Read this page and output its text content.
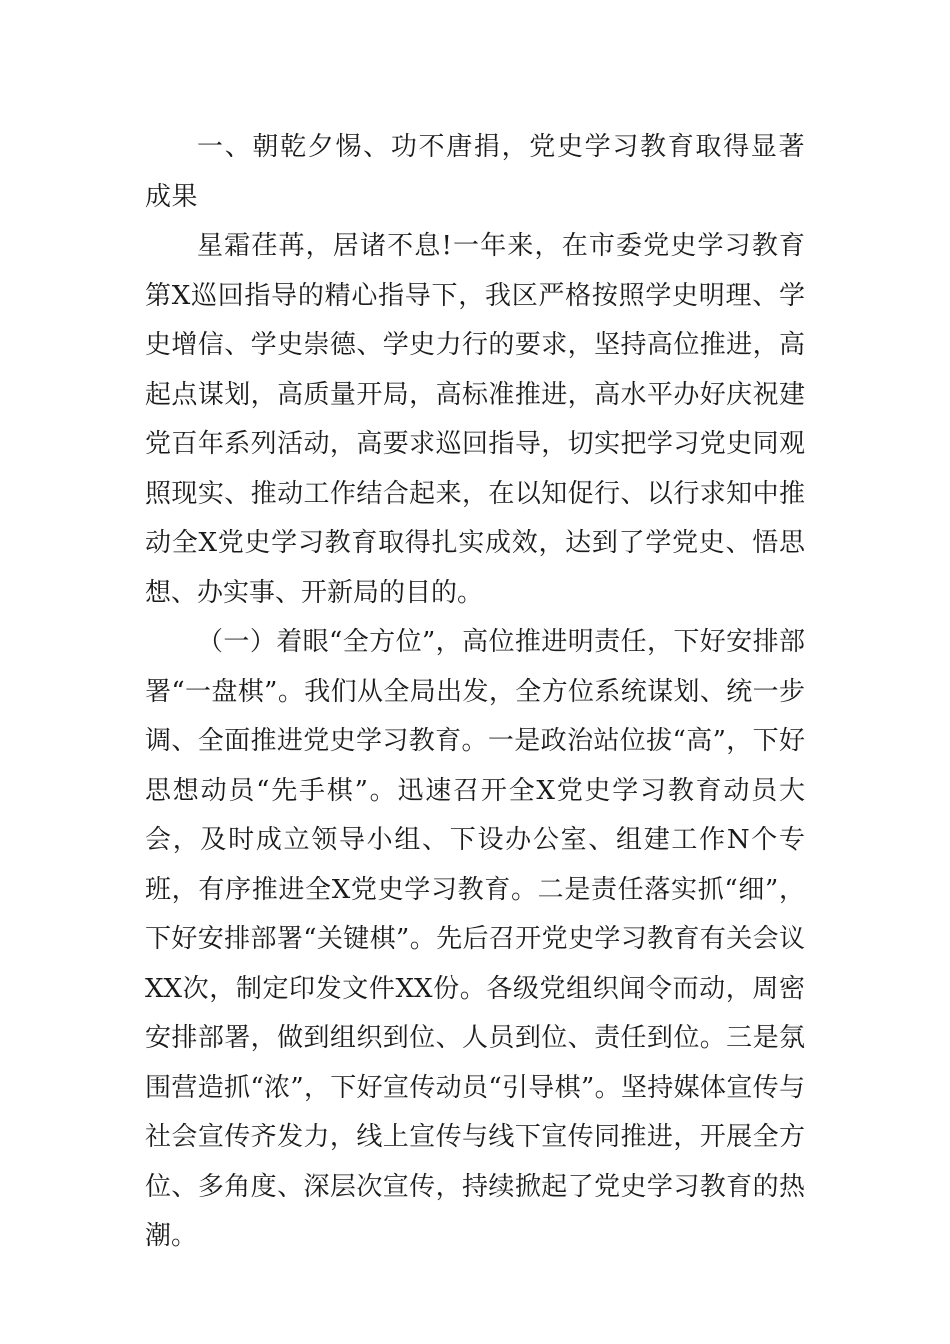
一、朝乾夕惕、功不唐捐，党史学习教育取得显著成果

星霜荏苒，居诸不息!一年来，在市委党史学习教育第X巡回指导的精心指导下，我区严格按照学史明理、学史增信、学史崇德、学史力行的要求，坚持高位推进，高起点谋划，高质量开局，高标准推进，高水平办好庆祝建党百年系列活动，高要求巡回指导，切实把学习党史同观照现实、推动工作结合起来，在以知促行、以行求知中推动全X党史学习教育取得扎实成效，达到了学党史、悟思想、办实事、开新局的目的。

（一）着眼“全方位”，高位推进明责任，下好安排部署“一盘棋”。我们从全局出发，全方位系统谋划、统一步调、全面推进党史学习教育。一是政治站位拔“高”，下好思想动员“先手棋”。迅速召开全X党史学习教育动员大会，及时成立领导小组、下设办公室、组建工作N个专班，有序推进全X党史学习教育。二是责任落实抓“细”，下好安排部署“关键棋”。先后召开党史学习教育有关会议XX次，制定印发文件XX份。各级党组织闻令而动，周密安排部署，做到组织到位、人员到位、责任到位。三是氛围营造抓“浓”，下好宣传动员“引导棋”。坚持媒体宣传与社会宣传齐发力，线上宣传与线下宣传同推进，开展全方位、多角度、深层次宣传，持续掀起了党史学习教育的热潮。
